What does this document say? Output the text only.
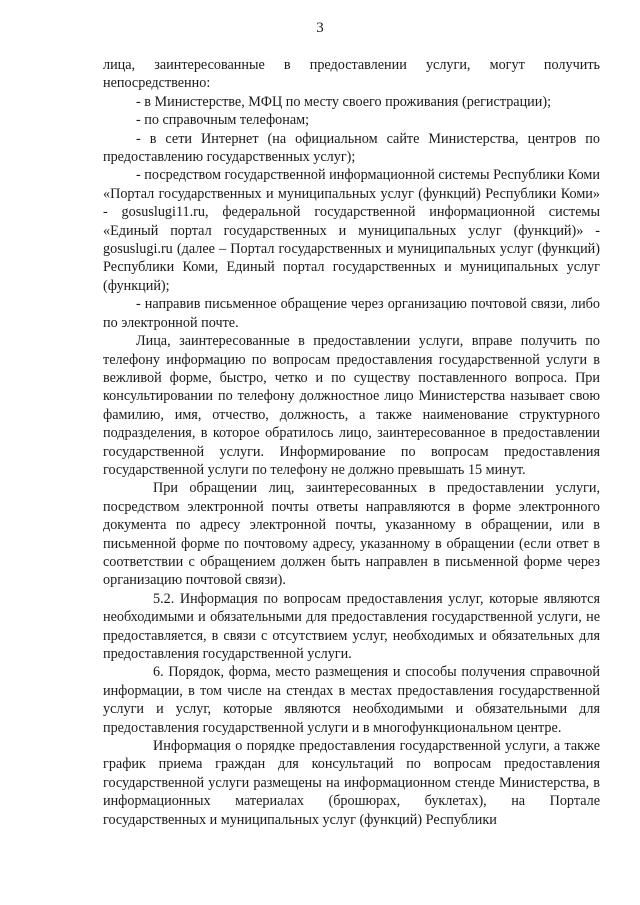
3

лица, заинтересованные в предоставлении услуги, могут получить непосредственно:

- в Министерстве, МФЦ по месту своего проживания (регистрации);

- по справочным телефонам;

- в сети Интернет (на официальном сайте Министерства, центров по предоставлению государственных услуг);

- посредством государственной информационной системы Республики Коми «Портал государственных и муниципальных услуг (функций) Республики Коми» - gosuslugi11.ru, федеральной государственной информационной системы «Единый портал государственных и муниципальных услуг (функций)» - gosuslugi.ru (далее – Портал государственных и муниципальных услуг (функций) Республики Коми, Единый портал государственных и муниципальных услуг (функций);

- направив письменное обращение через организацию почтовой связи, либо по электронной почте.

Лица, заинтересованные в предоставлении услуги, вправе получить по телефону информацию по вопросам предоставления государственной услуги в вежливой форме, быстро, четко и по существу поставленного вопроса. При консультировании по телефону должностное лицо Министерства называет свою фамилию, имя, отчество, должность, а также наименование структурного подразделения, в которое обратилось лицо, заинтересованное в предоставлении государственной услуги. Информирование по вопросам предоставления государственной услуги по телефону не должно превышать 15 минут.

При обращении лиц, заинтересованных в предоставлении услуги, посредством электронной почты ответы направляются в форме электронного документа по адресу электронной почты, указанному в обращении, или в письменной форме по почтовому адресу, указанному в обращении (если ответ в соответствии с обращением должен быть направлен в письменной форме через организацию почтовой связи).

5.2. Информация по вопросам предоставления услуг, которые являются необходимыми и обязательными для предоставления государственной услуги, не предоставляется, в связи с отсутствием услуг, необходимых и обязательных для предоставления государственной услуги.

6. Порядок, форма, место размещения и способы получения справочной информации, в том числе на стендах в местах предоставления государственной услуги и услуг, которые являются необходимыми и обязательными для предоставления государственной услуги и в многофункциональном центре.

Информация о порядке предоставления государственной услуги, а также график приема граждан для консультаций по вопросам предоставления государственной услуги размещены на информационном стенде Министерства, в информационных материалах (брошюрах, буклетах), на Портале государственных и муниципальных услуг (функций) Республики
